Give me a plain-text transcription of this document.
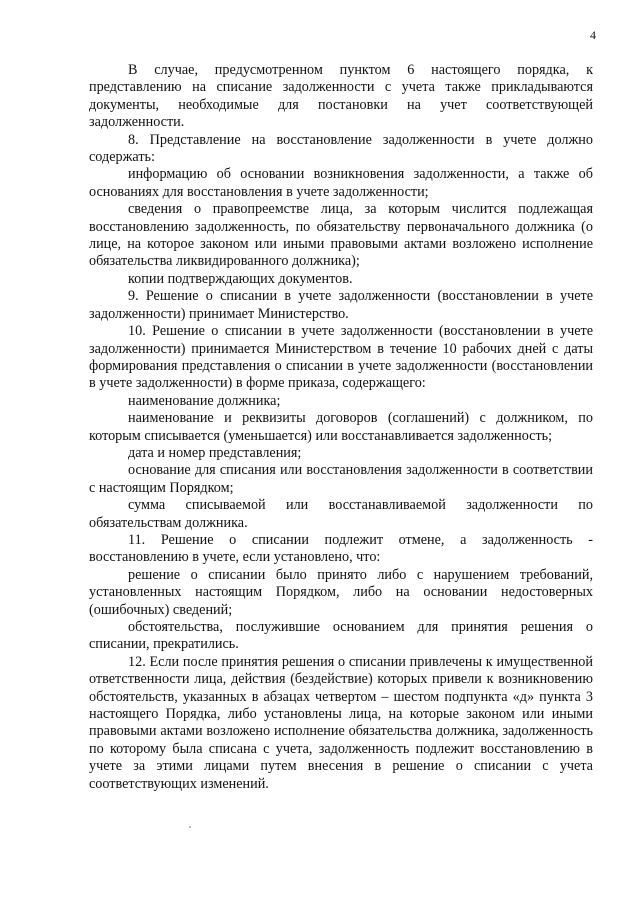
4

В случае, предусмотренном пунктом 6 настоящего порядка, к представлению на списание задолженности с учета также прикладываются документы, необходимые для постановки на учет соответствующей задолженности.

8. Представление на восстановление задолженности в учете должно содержать:

информацию об основании возникновения задолженности, а также об основаниях для восстановления в учете задолженности;

сведения о правопреемстве лица, за которым числится подлежащая восстановлению задолженность, по обязательству первоначального должника (о лице, на которое законом или иными правовыми актами возложено исполнение обязательства ликвидированного должника);

копии подтверждающих документов.

9. Решение о списании в учете задолженности (восстановлении в учете задолженности) принимает Министерство.

10. Решение о списании в учете задолженности (восстановлении в учете задолженности) принимается Министерством в течение 10 рабочих дней с даты формирования представления о списании в учете задолженности (восстановлении в учете задолженности) в форме приказа, содержащего:

наименование должника;

наименование и реквизиты договоров (соглашений) с должником, по которым списывается (уменьшается) или восстанавливается задолженность;

дата и номер представления;

основание для списания или восстановления задолженности в соответствии с настоящим Порядком;

сумма списываемой или восстанавливаемой задолженности по обязательствам должника.

11. Решение о списании подлежит отмене, а задолженность - восстановлению в учете, если установлено, что:

решение о списании было принято либо с нарушением требований, установленных настоящим Порядком, либо на основании недостоверных (ошибочных) сведений;

обстоятельства, послужившие основанием для принятия решения о списании, прекратились.

12. Если после принятия решения о списании привлечены к имущественной ответственности лица, действия (бездействие) которых привели к возникновению обстоятельств, указанных в абзацах четвертом – шестом подпункта «д» пункта 3 настоящего Порядка, либо установлены лица, на которые законом или иными правовыми актами возложено исполнение обязательства должника, задолженность по которому была списана с учета, задолженность подлежит восстановлению в учете за этими лицами путем внесения в решение о списании с учета соответствующих изменений.
